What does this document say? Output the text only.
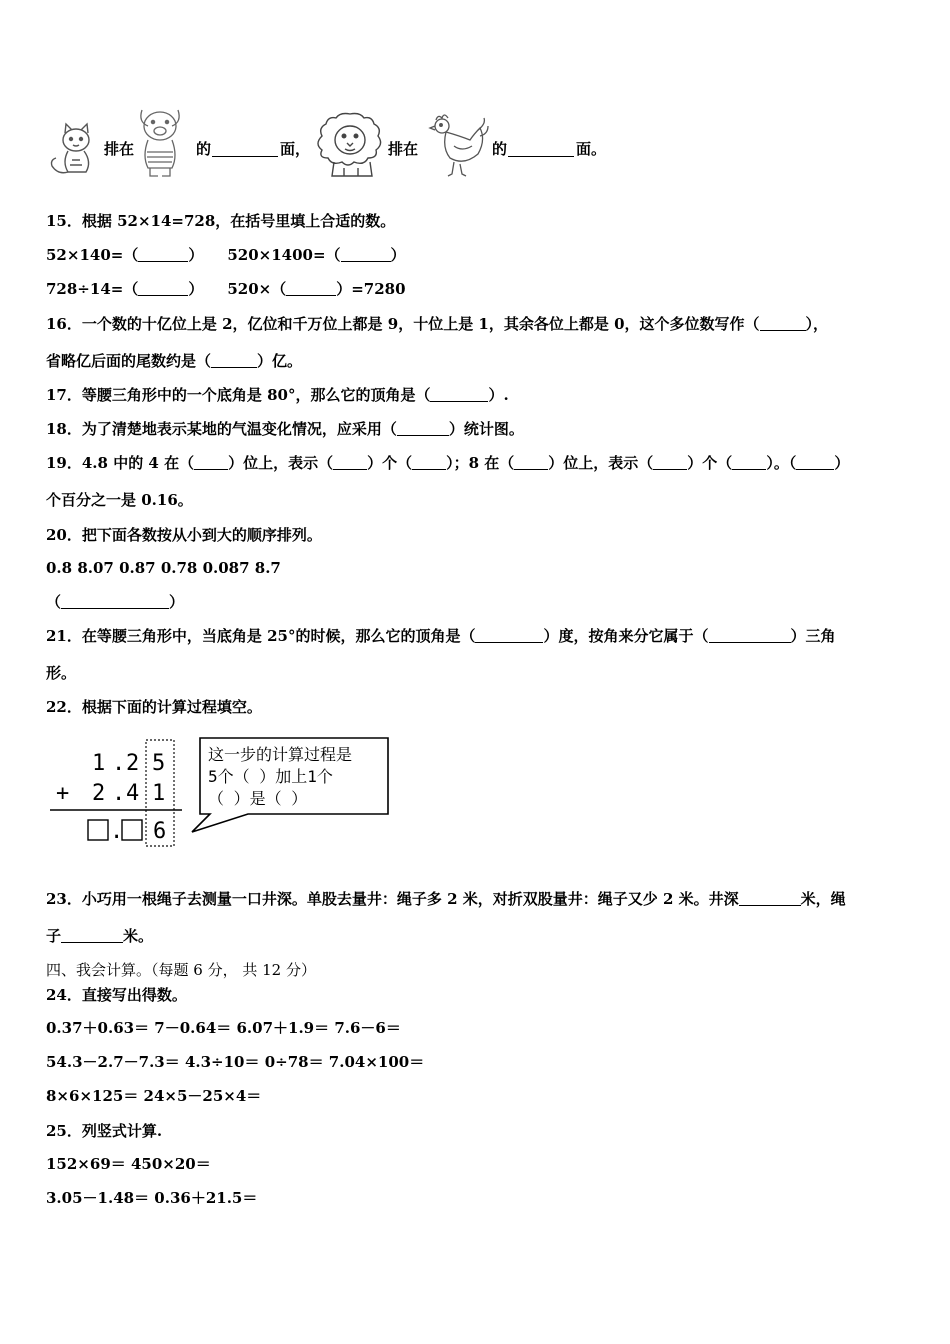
排在	的	面，	排在	的	面。
15．根据 52×14=728，在括号里填上合适的数。
52×140=（	） 520×1400=（	）
728÷14=（	） 520×（	）=7280
16．一个数的十亿位上是 2，亿位和千万位上都是 9，十位上是 1，其余各位上都是 0，这个多位数写作（	），
省略亿后面的尾数约是（	）亿。
17．等腰三角形中的一个底角是 80°，那么它的顶角是（	）.
18．为了清楚地表示某地的气温变化情况，应采用（	）统计图。
19．4.8 中的 4 在（ ）位上，表示（ ）个（ ）；8 在（ ）位上，表示（ ）个（ ）。（	）
个百分之一是 0.16。
20．把下面各数按从小到大的顺序排列。
0.8 8.07 0.87 0.78 0.087 8.7
（	）
21．在等腰三角形中，当底角是 25°的时候，那么它的顶角是（	）度，按角来分它属于（	）三角
形。
22．根据下面的计算过程填空。
1 . 2 5
+ 2 . 4 1
. 6
这一步的计算过程是
5个（ ）加上1个
（ ）是（ ）
23．小巧用一根绳子去测量一口井深。单股去量井：绳子多 2 米，对折双股量井：绳子又少 2 米。井深	米，绳
子	米。
四、我会计算。（每题 6 分， 共 12 分）
24．直接写出得数。
0.37＋0.63＝ 7－0.64＝ 6.07＋1.9＝ 7.6－6＝
54.3－2.7－7.3＝ 4.3÷10＝ 0÷78＝ 7.04×100＝
8×6×125＝ 24×5－25×4＝
25．列竖式计算.
152×69＝ 450×20＝
3.05－1.48＝ 0.36＋21.5＝
